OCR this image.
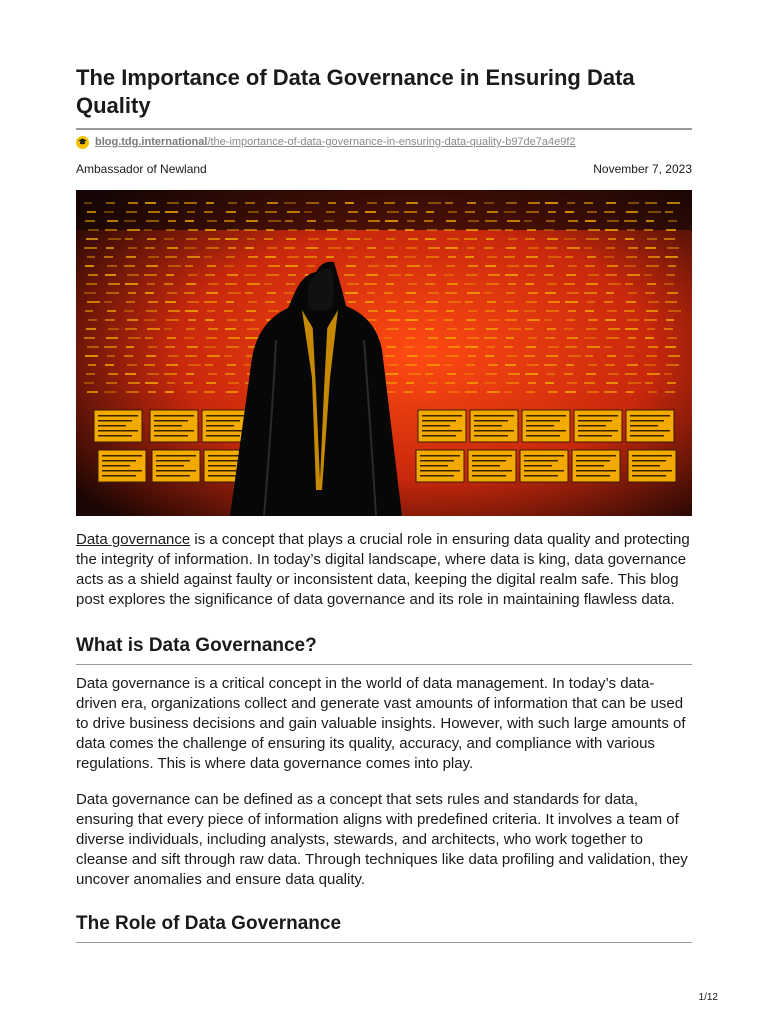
The Importance of Data Governance in Ensuring Data Quality
blog.tdg.international/the-importance-of-data-governance-in-ensuring-data-quality-b97de7a4e9f2
Ambassador of Newland	November 7, 2023

Data governance is a concept that plays a crucial role in ensuring data quality and protecting the integrity of information. In today’s digital landscape, where data is king, data governance acts as a shield against faulty or inconsistent data, keeping the digital realm safe. This blog post explores the significance of data governance and its role in maintaining flawless data.

What is Data Governance?

Data governance is a critical concept in the world of data management. In today’s data-driven era, organizations collect and generate vast amounts of information that can be used to drive business decisions and gain valuable insights. However, with such large amounts of data comes the challenge of ensuring its quality, accuracy, and compliance with various regulations. This is where data governance comes into play.

Data governance can be defined as a concept that sets rules and standards for data, ensuring that every piece of information aligns with predefined criteria. It involves a team of diverse individuals, including analysts, stewards, and architects, who work together to cleanse and sift through raw data. Through techniques like data profiling and validation, they uncover anomalies and ensure data quality.

The Role of Data Governance
1/12
